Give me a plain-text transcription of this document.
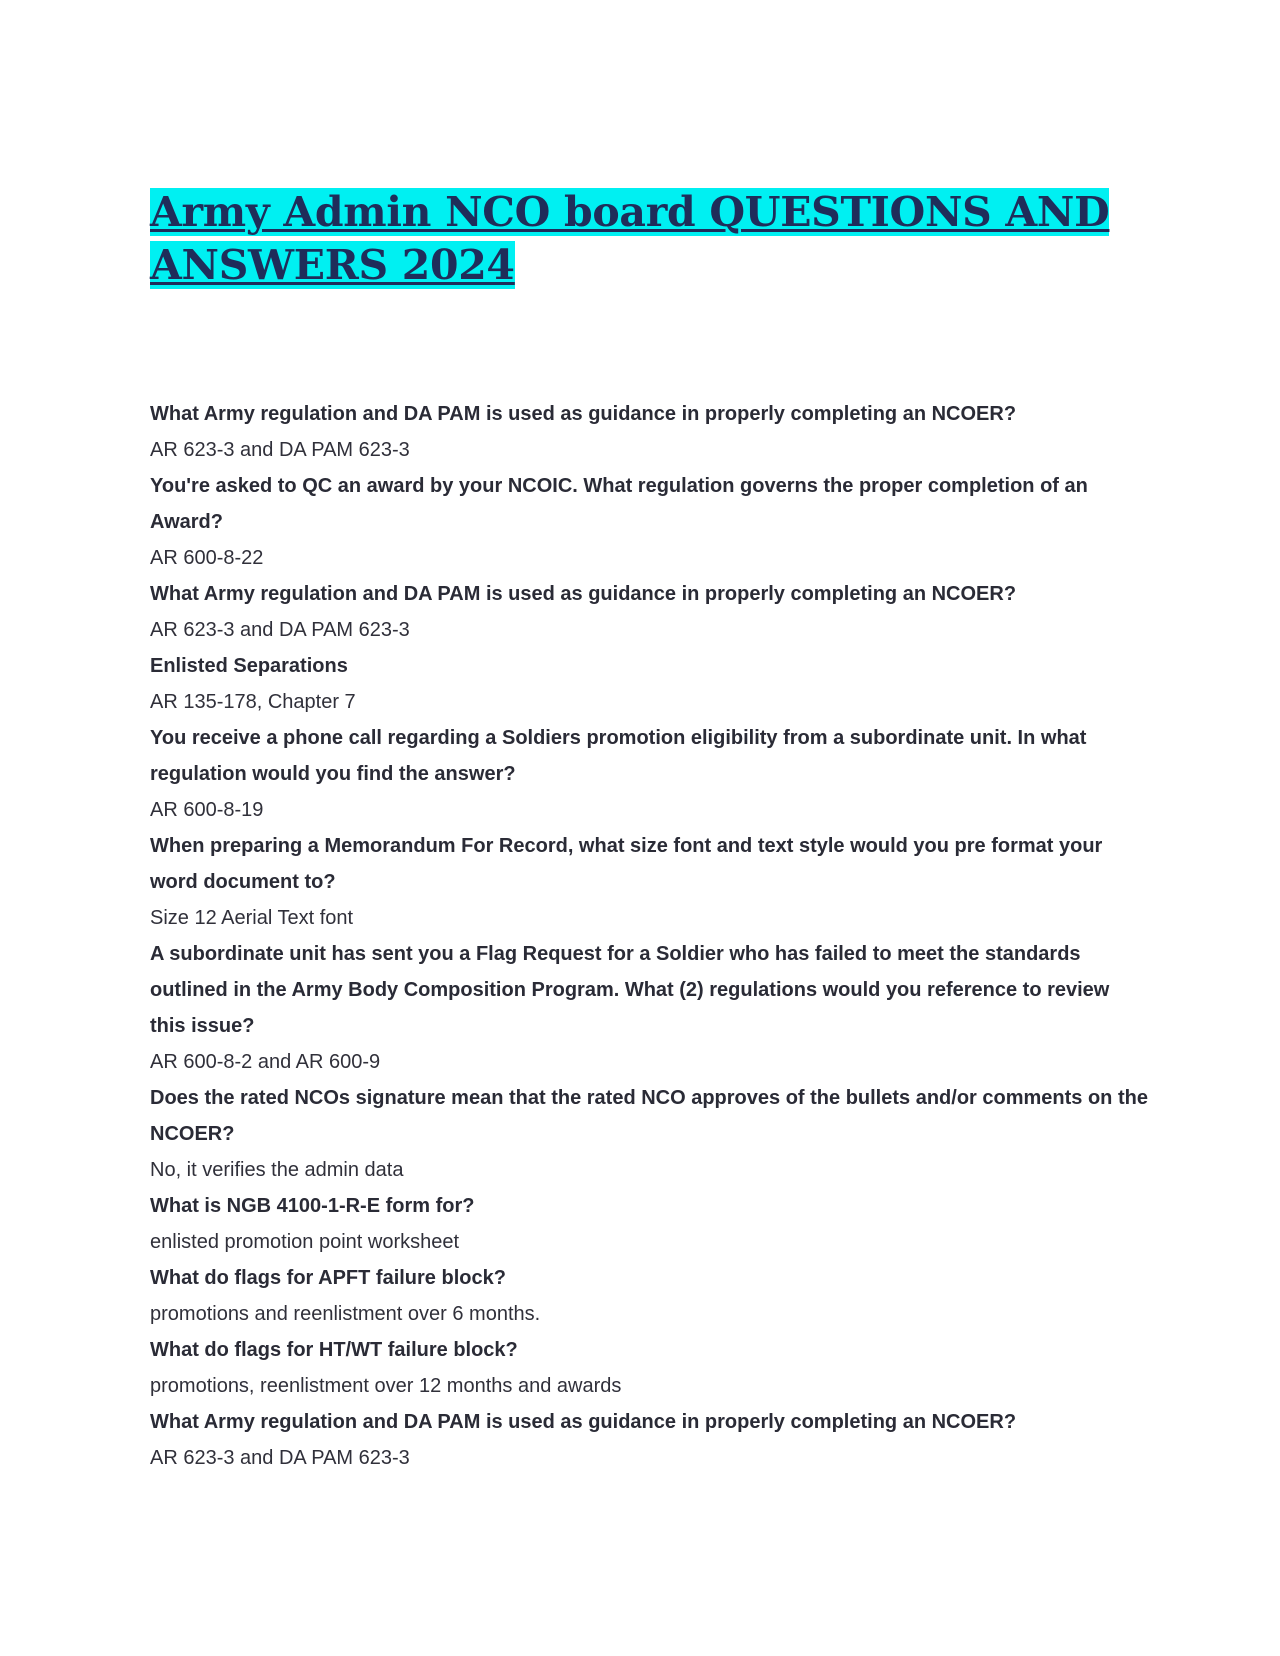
Army Admin NCO board QUESTIONS AND
ANSWERS 2024

What Army regulation and DA PAM is used as guidance in properly completing an NCOER?

AR 623-3 and DA PAM 623-3

You're asked to QC an award by your NCOIC. What regulation governs the proper completion of an Award?

AR 600-8-22

What Army regulation and DA PAM is used as guidance in properly completing an NCOER?

AR 623-3 and DA PAM 623-3

Enlisted Separations

AR 135-178, Chapter 7

You receive a phone call regarding a Soldiers promotion eligibility from a subordinate unit. In what regulation would you find the answer?

AR 600-8-19

When preparing a Memorandum For Record, what size font and text style would you pre format your word document to?

Size 12 Aerial Text font

A subordinate unit has sent you a Flag Request for a Soldier who has failed to meet the standards outlined in the Army Body Composition Program. What (2) regulations would you reference to review this issue?

AR 600-8-2 and AR 600-9

Does the rated NCOs signature mean that the rated NCO approves of the bullets and/or comments on the NCOER?

No, it verifies the admin data

What is NGB 4100-1-R-E form for?

enlisted promotion point worksheet

What do flags for APFT failure block?

promotions and reenlistment over 6 months.

What do flags for HT/WT failure block?

promotions, reenlistment over 12 months and awards

What Army regulation and DA PAM is used as guidance in properly completing an NCOER?

AR 623-3 and DA PAM 623-3
